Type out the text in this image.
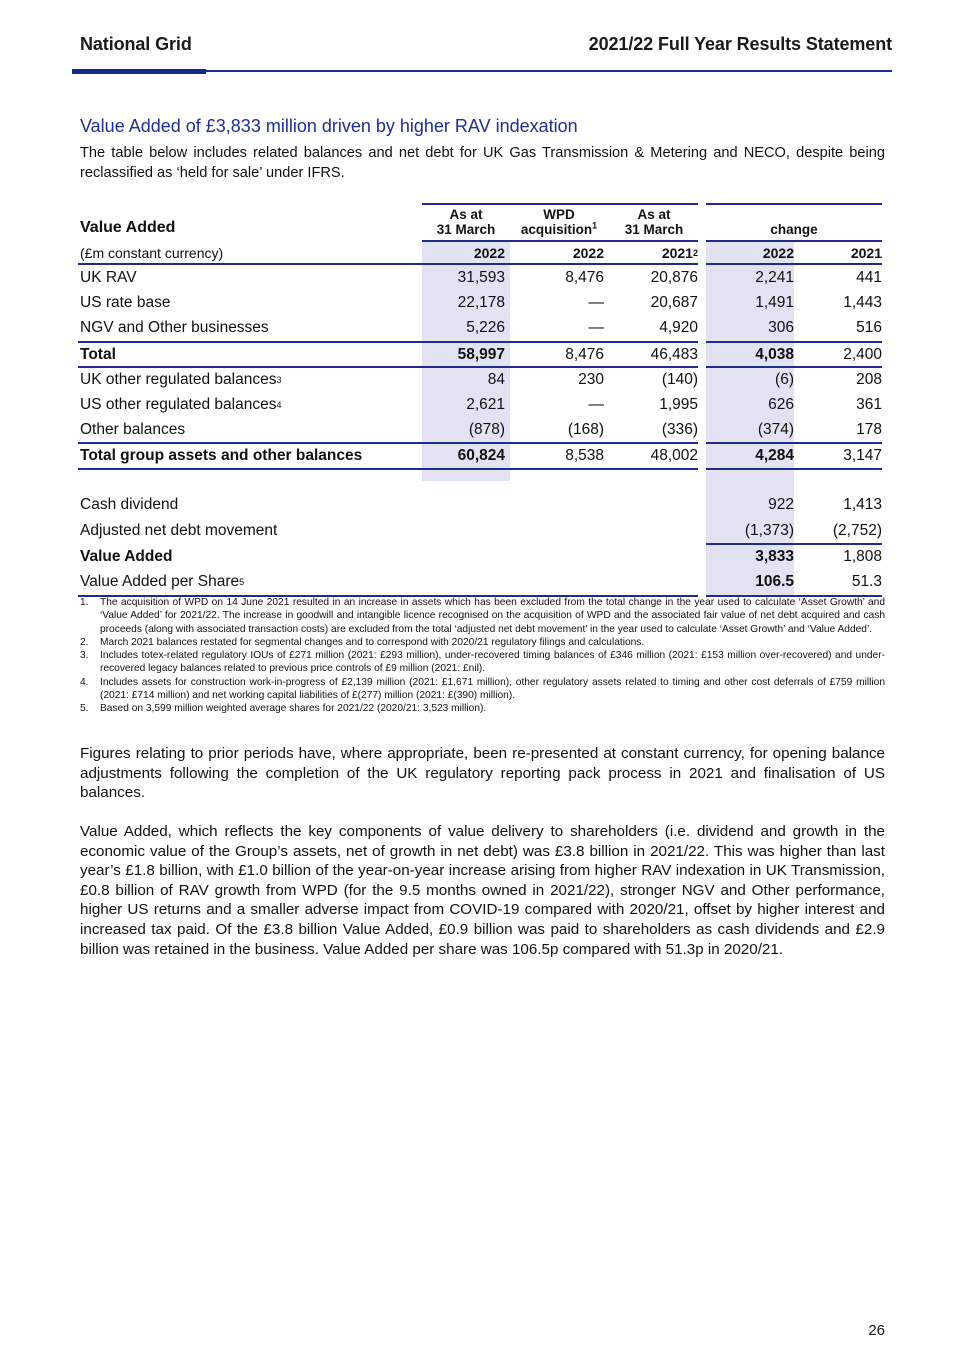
National Grid	2021/22 Full Year Results Statement
Value Added of £3,833 million driven by higher RAV indexation
The table below includes related balances and net debt for UK Gas Transmission & Metering and NECO, despite being reclassified as ‘held for sale’ under IFRS.
As at
31 March
WPD
acquisition$^1$
As at
31 March	change
Value Added
(£m constant currency)	2022	2022	2021 2	2022	2021
UK RAV	31,593	8,476	20,876	2,241	441
US rate base	22,178	—	20,687	1,491	1,443
NGV and Other businesses	5,226	—	4,920	306	516
Total	58,997	8,476	46,483	4,038	2,400
UK other regulated balances 3	84	230	(140)	(6)	208
US other regulated balances 4	2,621	—	1,995	626	361
Other balances	(878)	(168)	(336)	(374)	178
Total group assets and other balances	60,824	8,538	48,002	4,284	3,147
Cash dividend	922	1,413
Adjusted net debt movement	(1,373)	(2,752)
Value Added	3,833	1,808
Value Added per Share 5	106.5	51.3
1.	The acquisition of WPD on 14 June 2021 resulted in an increase in assets which has been excluded from the total change in the year used to calculate ‘Asset Growth’ and ‘Value Added’ for 2021/22. The increase in goodwill and intangible licence recognised on the acquisition of WPD and the associated fair value of net debt acquired and cash proceeds (along with associated transaction costs) are excluded from the total ‘adjusted net debt movement’ in the year used to calculate ‘Asset Growth’ and ‘Value Added’.
2.	March 2021 balances restated for segmental changes and to correspond with 2020/21 regulatory filings and calculations.
3.	Includes totex-related regulatory IOUs of £271 million (2021: £293 million), under-recovered timing balances of £346 million (2021: £153 million over-recovered) and under-recovered legacy balances related to previous price controls of £9 million (2021: £nil).
4.	Includes assets for construction work-in-progress of £2,139 million (2021: £1,671 million), other regulatory assets related to timing and other cost deferrals of £759 million (2021: £714 million) and net working capital liabilities of £(277) million (2021: £(390) million).
5.	Based on 3,599 million weighted average shares for 2021/22 (2020/21: 3,523 million).
Figures relating to prior periods have, where appropriate, been re-presented at constant currency, for opening balance adjustments following the completion of the UK regulatory reporting pack process in 2021 and finalisation of US balances.
Value Added, which reflects the key components of value delivery to shareholders (i.e. dividend and growth in the economic value of the Group’s assets, net of growth in net debt) was £3.8 billion in 2021/22. This was higher than last year’s £1.8 billion, with £1.0 billion of the year-on-year increase arising from higher RAV indexation in UK Transmission, £0.8 billion of RAV growth from WPD (for the 9.5 months owned in 2021/22), stronger NGV and Other performance, higher US returns and a smaller adverse impact from COVID-19 compared with 2020/21, offset by higher interest and increased tax paid. Of the £3.8 billion Value Added, £0.9 billion was paid to shareholders as cash dividends and £2.9 billion was retained in the business. Value Added per share was 106.5p compared with 51.3p in 2020/21.
26
